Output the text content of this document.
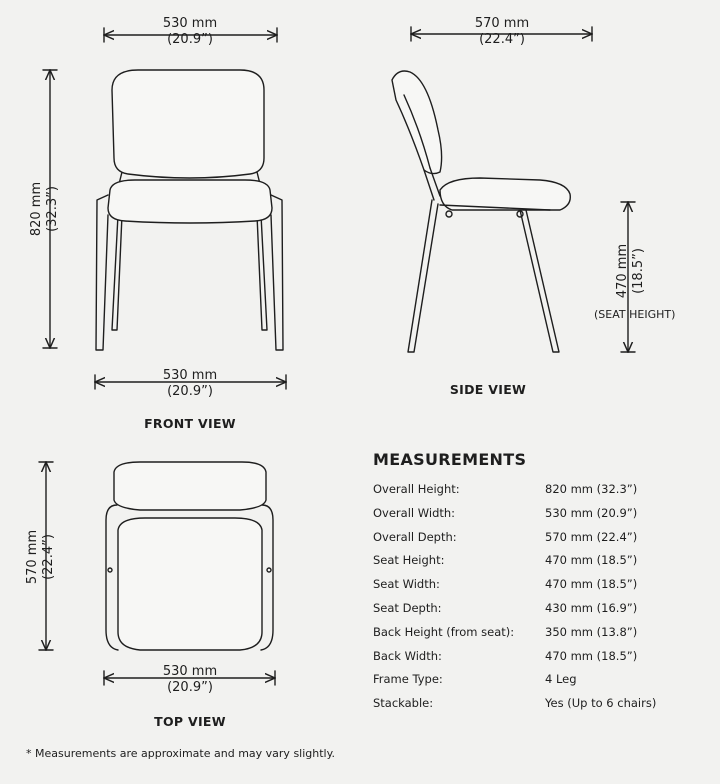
530 mm
(20.9”)
530 mm
(20.9”)
820 mm (32.3”)
FRONT VIEW
570 mm
(22.4”)
470 mm (18.5”)
(SEAT HEIGHT)
SIDE VIEW
570 mm (22.4”)
530 mm
(20.9”)
TOP VIEW
MEASUREMENTS
Overall Height:	820 mm (32.3”)
Overall Width:	530 mm (20.9”)
Overall Depth:	570 mm (22.4”)
Seat Height:	470 mm (18.5”)
Seat Width:	470 mm (18.5”)
Seat Depth:	430 mm (16.9”)
Back Height (from seat):	350 mm (13.8”)
Back Width:	470 mm (18.5”)
Frame Type:	4 Leg
Stackable:	Yes (Up to 6 chairs)
* Measurements are approximate and may vary slightly.
